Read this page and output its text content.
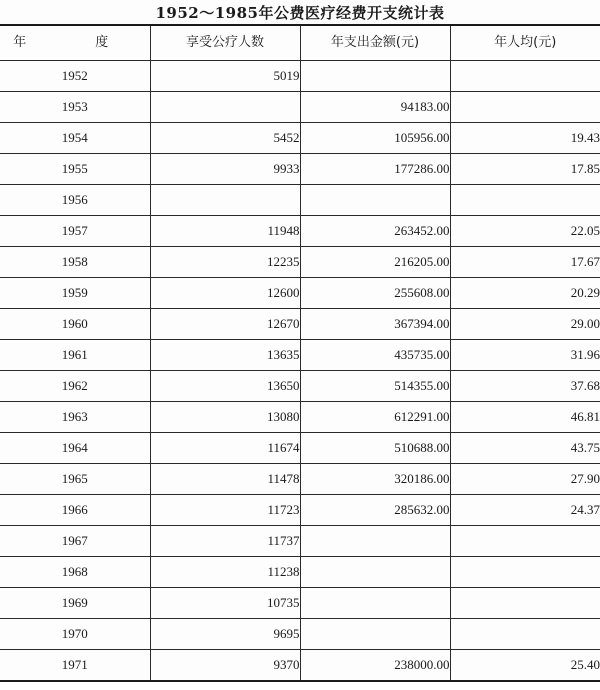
1952～1985年公费医疗经费开支统计表
年　度	享受公疗人数	年支出金额(元)	年人均(元)
1952	5019		
1953		94183.00	
1954	5452	105956.00	19.43
1955	9933	177286.00	17.85
1956			
1957	11948	263452.00	22.05
1958	12235	216205.00	17.67
1959	12600	255608.00	20.29
1960	12670	367394.00	29.00
1961	13635	435735.00	31.96
1962	13650	514355.00	37.68
1963	13080	612291.00	46.81
1964	11674	510688.00	43.75
1965	11478	320186.00	27.90
1966	11723	285632.00	24.37
1967	11737		
1968	11238		
1969	10735		
1970	9695		
1971	9370	238000.00	25.40
